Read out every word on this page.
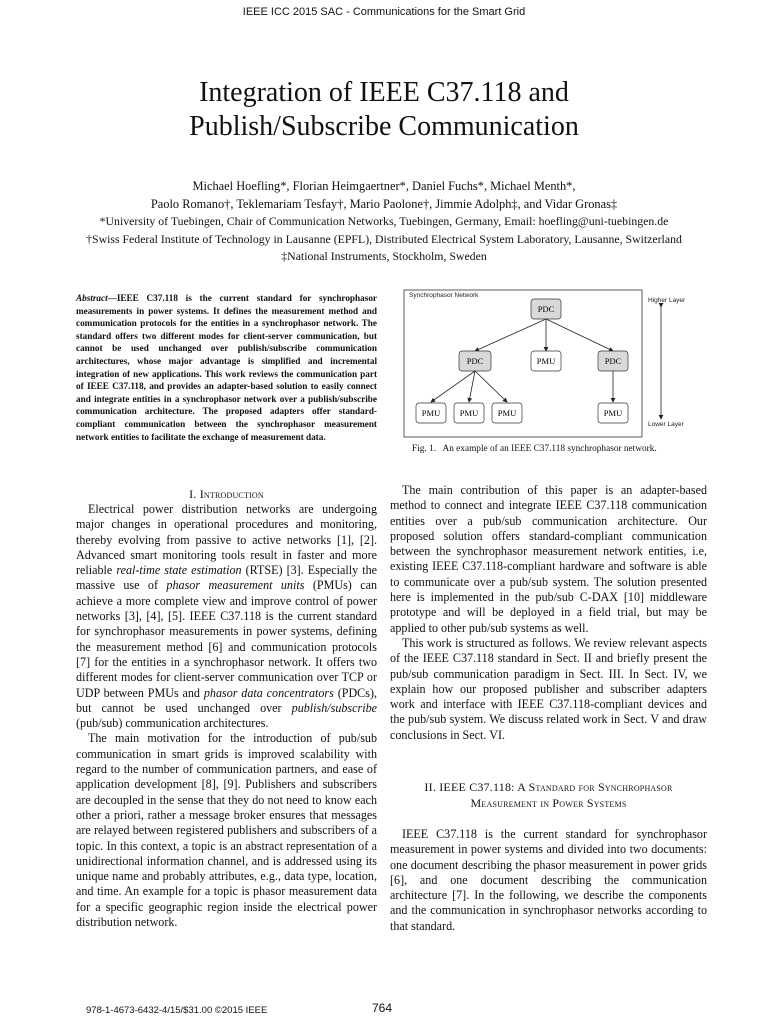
IEEE ICC 2015 SAC - Communications for the Smart Grid
Integration of IEEE C37.118 and
Publish/Subscribe Communication
Michael Hoefling*, Florian Heimgaertner*, Daniel Fuchs*, Michael Menth*,
Paolo Romano†, Teklemariam Tesfay†, Mario Paolone†, Jimmie Adolph‡, and Vidar Gronas‡
*University of Tuebingen, Chair of Communication Networks, Tuebingen, Germany, Email: hoefling@uni-tuebingen.de
†Swiss Federal Institute of Technology in Lausanne (EPFL), Distributed Electrical System Laboratory, Lausanne, Switzerland
‡National Instruments, Stockholm, Sweden
Abstract—IEEE C37.118 is the current standard for synchrophasor measurements in power systems. It defines the measurement method and communication protocols for the entities in a synchrophasor network. The standard offers two different modes for client-server communication, but cannot be used unchanged over publish/subscribe communication architectures, whose major advantage is simplified and incremental integration of new applications. This work reviews the communication part of IEEE C37.118, and provides an adapter-based solution to easily connect and integrate entities in a synchrophasor network over a publish/subscribe communication architecture. The proposed adapters offer standard-compliant communication between the synchrophasor measurement network entities to facilitate the exchange of measurement data.
Synchrophasor Network
PDC
PDC	PMU	PDC
PMU PMU PMU	PMU
Higher Layer
Lower Layer
Fig. 1.   An example of an IEEE C37.118 synchrophasor network.
I. Introduction

Electrical power distribution networks are undergoing major changes in operational procedures and monitoring, thereby evolving from passive to active networks [1], [2]. Advanced smart monitoring tools result in faster and more reliable real-time state estimation (RTSE) [3]. Especially the massive use of phasor measurement units (PMUs) can achieve a more complete view and improve control of power networks [3], [4], [5]. IEEE C37.118 is the current standard for synchrophasor measurements in power systems, defining the measurement method [6] and communication protocols [7] for the entities in a synchrophasor network. It offers two different modes for client-server communication over TCP or UDP between PMUs and phasor data concentrators (PDCs), but cannot be used unchanged over publish/subscribe (pub/sub) communication architectures.

The main motivation for the introduction of pub/sub communication in smart grids is improved scalability with regard to the number of communication partners, and ease of application development [8], [9]. Publishers and subscribers are decoupled in the sense that they do not need to know each other a priori, rather a message broker ensures that messages are relayed between registered publishers and subscribers of a topic. In this context, a topic is an abstract representation of a unidirectional information channel, and is addressed using its unique name and probably attributes, e.g., data type, location, and time. An example for a topic is phasor measurement data for a specific geographic region inside the electrical power distribution network.

The main contribution of this paper is an adapter-based method to connect and integrate IEEE C37.118 communication entities over a pub/sub communication architecture. Our proposed solution offers standard-compliant communication between the synchrophasor measurement network entities, i.e, existing IEEE C37.118-compliant hardware and software is able to communicate over a pub/sub system. The solution presented here is implemented in the pub/sub C-DAX [10] middleware prototype and will be deployed in a field trial, but may be applied to other pub/sub systems as well.

This work is structured as follows. We review relevant aspects of the IEEE C37.118 standard in Sect. II and briefly present the pub/sub communication paradigm in Sect. III. In Sect. IV, we explain how our proposed publisher and subscriber adapters work and interface with IEEE C37.118-compliant devices and the pub/sub system. We discuss related work in Sect. V and draw conclusions in Sect. VI.

II. IEEE C37.118: A Standard for Synchrophasor
Measurement in Power Systems

IEEE C37.118 is the current standard for synchrophasor measurement in power systems and divided into two documents: one document describing the phasor measurement in power grids [6], and one document describing the communication architecture [7]. In the following, we describe the components and the communication in synchrophasor networks according to that standard.

978-1-4673-6432-4/15/$31.00 ©2015 IEEE	764
